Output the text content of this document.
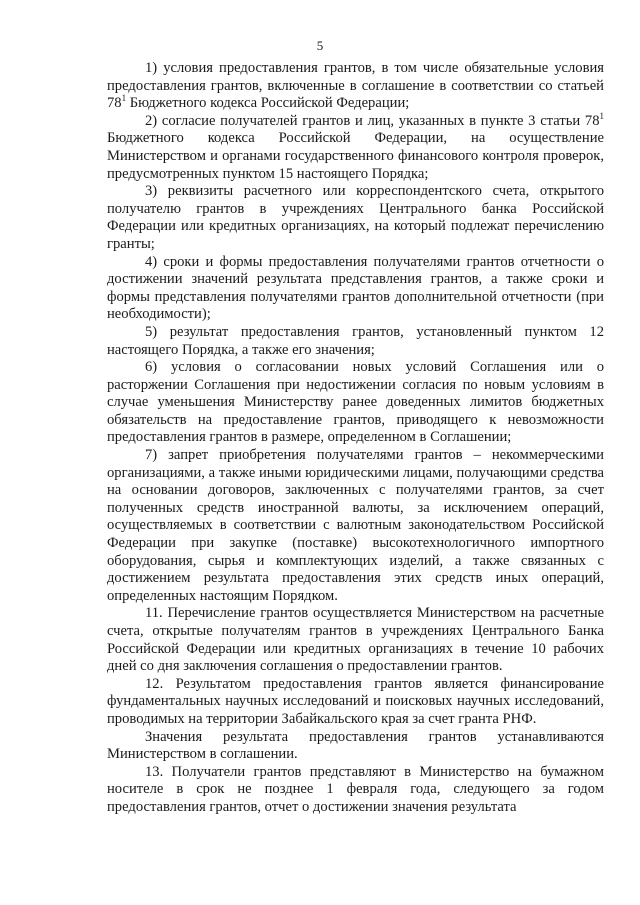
5

1) условия предоставления грантов, в том числе обязательные условия предоставления грантов, включенные в соглашение в соответствии со статьей $78^1$ Бюджетного кодекса Российской Федерации;

2) согласие получателей грантов и лиц, указанных в пункте 3 статьи $78^1$ Бюджетного кодекса Российской Федерации, на осуществление Министерством и органами государственного финансового контроля проверок, предусмотренных пунктом 15 настоящего Порядка;

3) реквизиты расчетного или корреспондентского счета, открытого получателю грантов в учреждениях Центрального банка Российской Федерации или кредитных организациях, на который подлежат перечислению гранты;

4) сроки и формы предоставления получателями грантов отчетности о достижении значений результата представления грантов, а также сроки и формы представления получателями грантов дополнительной отчетности (при необходимости);

5) результат предоставления грантов, установленный пунктом 12 настоящего Порядка, а также его значения;

6) условия о согласовании новых условий Соглашения или о расторжении Соглашения при недостижении согласия по новым условиям в случае уменьшения Министерству ранее доведенных лимитов бюджетных обязательств на предоставление грантов, приводящего к невозможности предоставления грантов в размере, определенном в Соглашении;

7) запрет приобретения получателями грантов – некоммерческими организациями, а также иными юридическими лицами, получающими средства на основании договоров, заключенных с получателями грантов, за счет полученных средств иностранной валюты, за исключением операций, осуществляемых в соответствии с валютным законодательством Российской Федерации при закупке (поставке) высокотехнологичного импортного оборудования, сырья и комплектующих изделий, а также связанных с достижением результата предоставления этих средств иных операций, определенных настоящим Порядком.

11. Перечисление грантов осуществляется Министерством на расчетные счета, открытые получателям грантов в учреждениях Центрального Банка Российской Федерации или кредитных организациях в течение 10 рабочих дней со дня заключения соглашения о предоставлении грантов.

12. Результатом предоставления грантов является финансирование фундаментальных научных исследований и поисковых научных исследований, проводимых на территории Забайкальского края за счет гранта РНФ.

Значения результата предоставления грантов устанавливаются Министерством в соглашении.

13. Получатели грантов представляют в Министерство на бумажном носителе в срок не позднее 1 февраля года, следующего за годом предоставления грантов, отчет о достижении значения результата
